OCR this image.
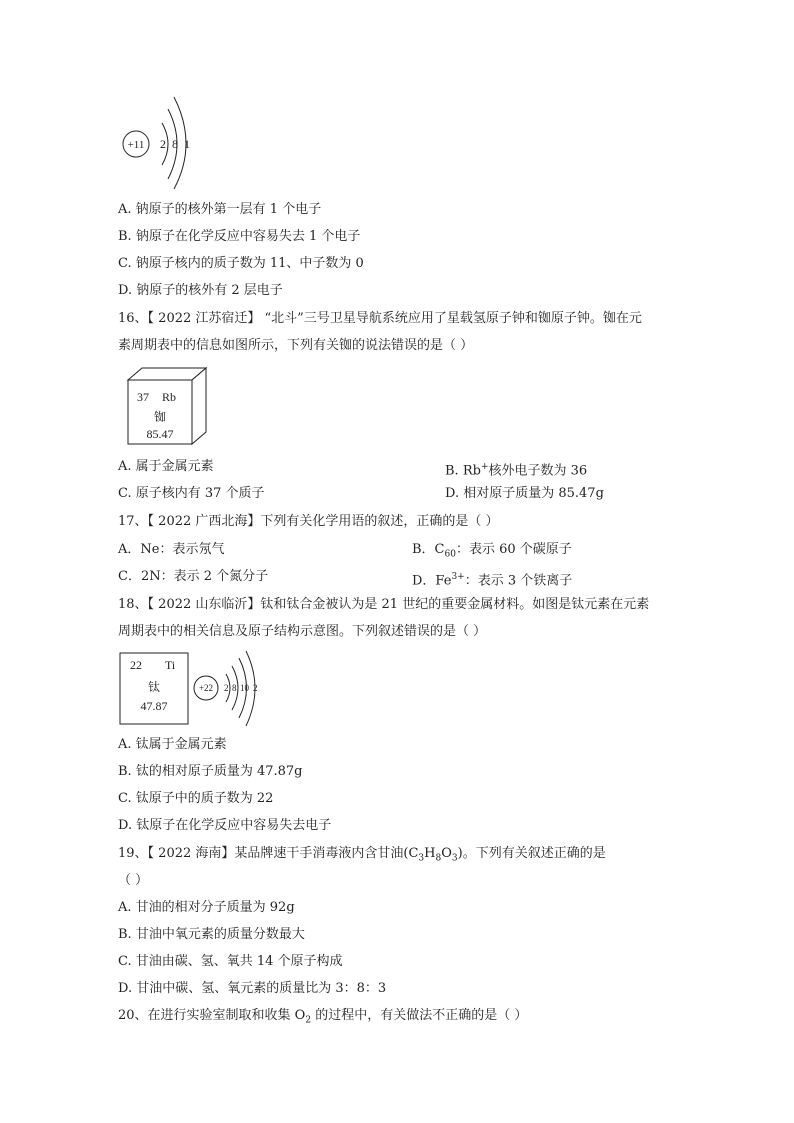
+11 2 8 1
A. 钠原子的核外第一层有 1 个电子
B. 钠原子在化学反应中容易失去 1 个电子
C. 钠原子核内的质子数为 11、中子数为 0
D. 钠原子的核外有 2 层电子
16、【 2022 江苏宿迁】 “北斗”三号卫星导航系统应用了星载氢原子钟和铷原子钟。铷在元
素周期表中的信息如图所示，下列有关铷的说法错误的是（ ）
37 Rb
铷
85.47
A. 属于金属元素	B. Rb+核外电子数为 36
C. 原子核内有 37 个质子	D. 相对原子质量为 85.47g
17、【 2022 广西北海】下列有关化学用语的叙述，正确的是（ ）
A．Ne：表示氖气	B．$C_{60}$：表示 60 个碳原子
C．2N：表示 2 个氮分子	D．$Fe^{3+}$：表示 3 个铁离子
18、【 2022 山东临沂】钛和钛合金被认为是 21 世纪的重要金属材料。如图是钛元素在元素
周期表中的相关信息及原子结构示意图。下列叙述错误的是（ ）
22 Ti
钛
47.87
+22 2 8 10 2
A. 钛属于金属元素
B. 钛的相对原子质量为 47.87g
C. 钛原子中的质子数为 22
D. 钛原子在化学反应中容易失去电子
19、【 2022 海南】某品牌速干手消毒液内含甘油$(C_3H_8O_3)$。下列有关叙述正确的是
（ ）
A. 甘油的相对分子质量为 92g
B. 甘油中氧元素的质量分数最大
C. 甘油由碳、氢、氧共 14 个原子构成
D. 甘油中碳、氢、氧元素的质量比为 3：8：3
20、在进行实验室制取和收集 $O_2$ 的过程中，有关做法不正确的是（ ）
